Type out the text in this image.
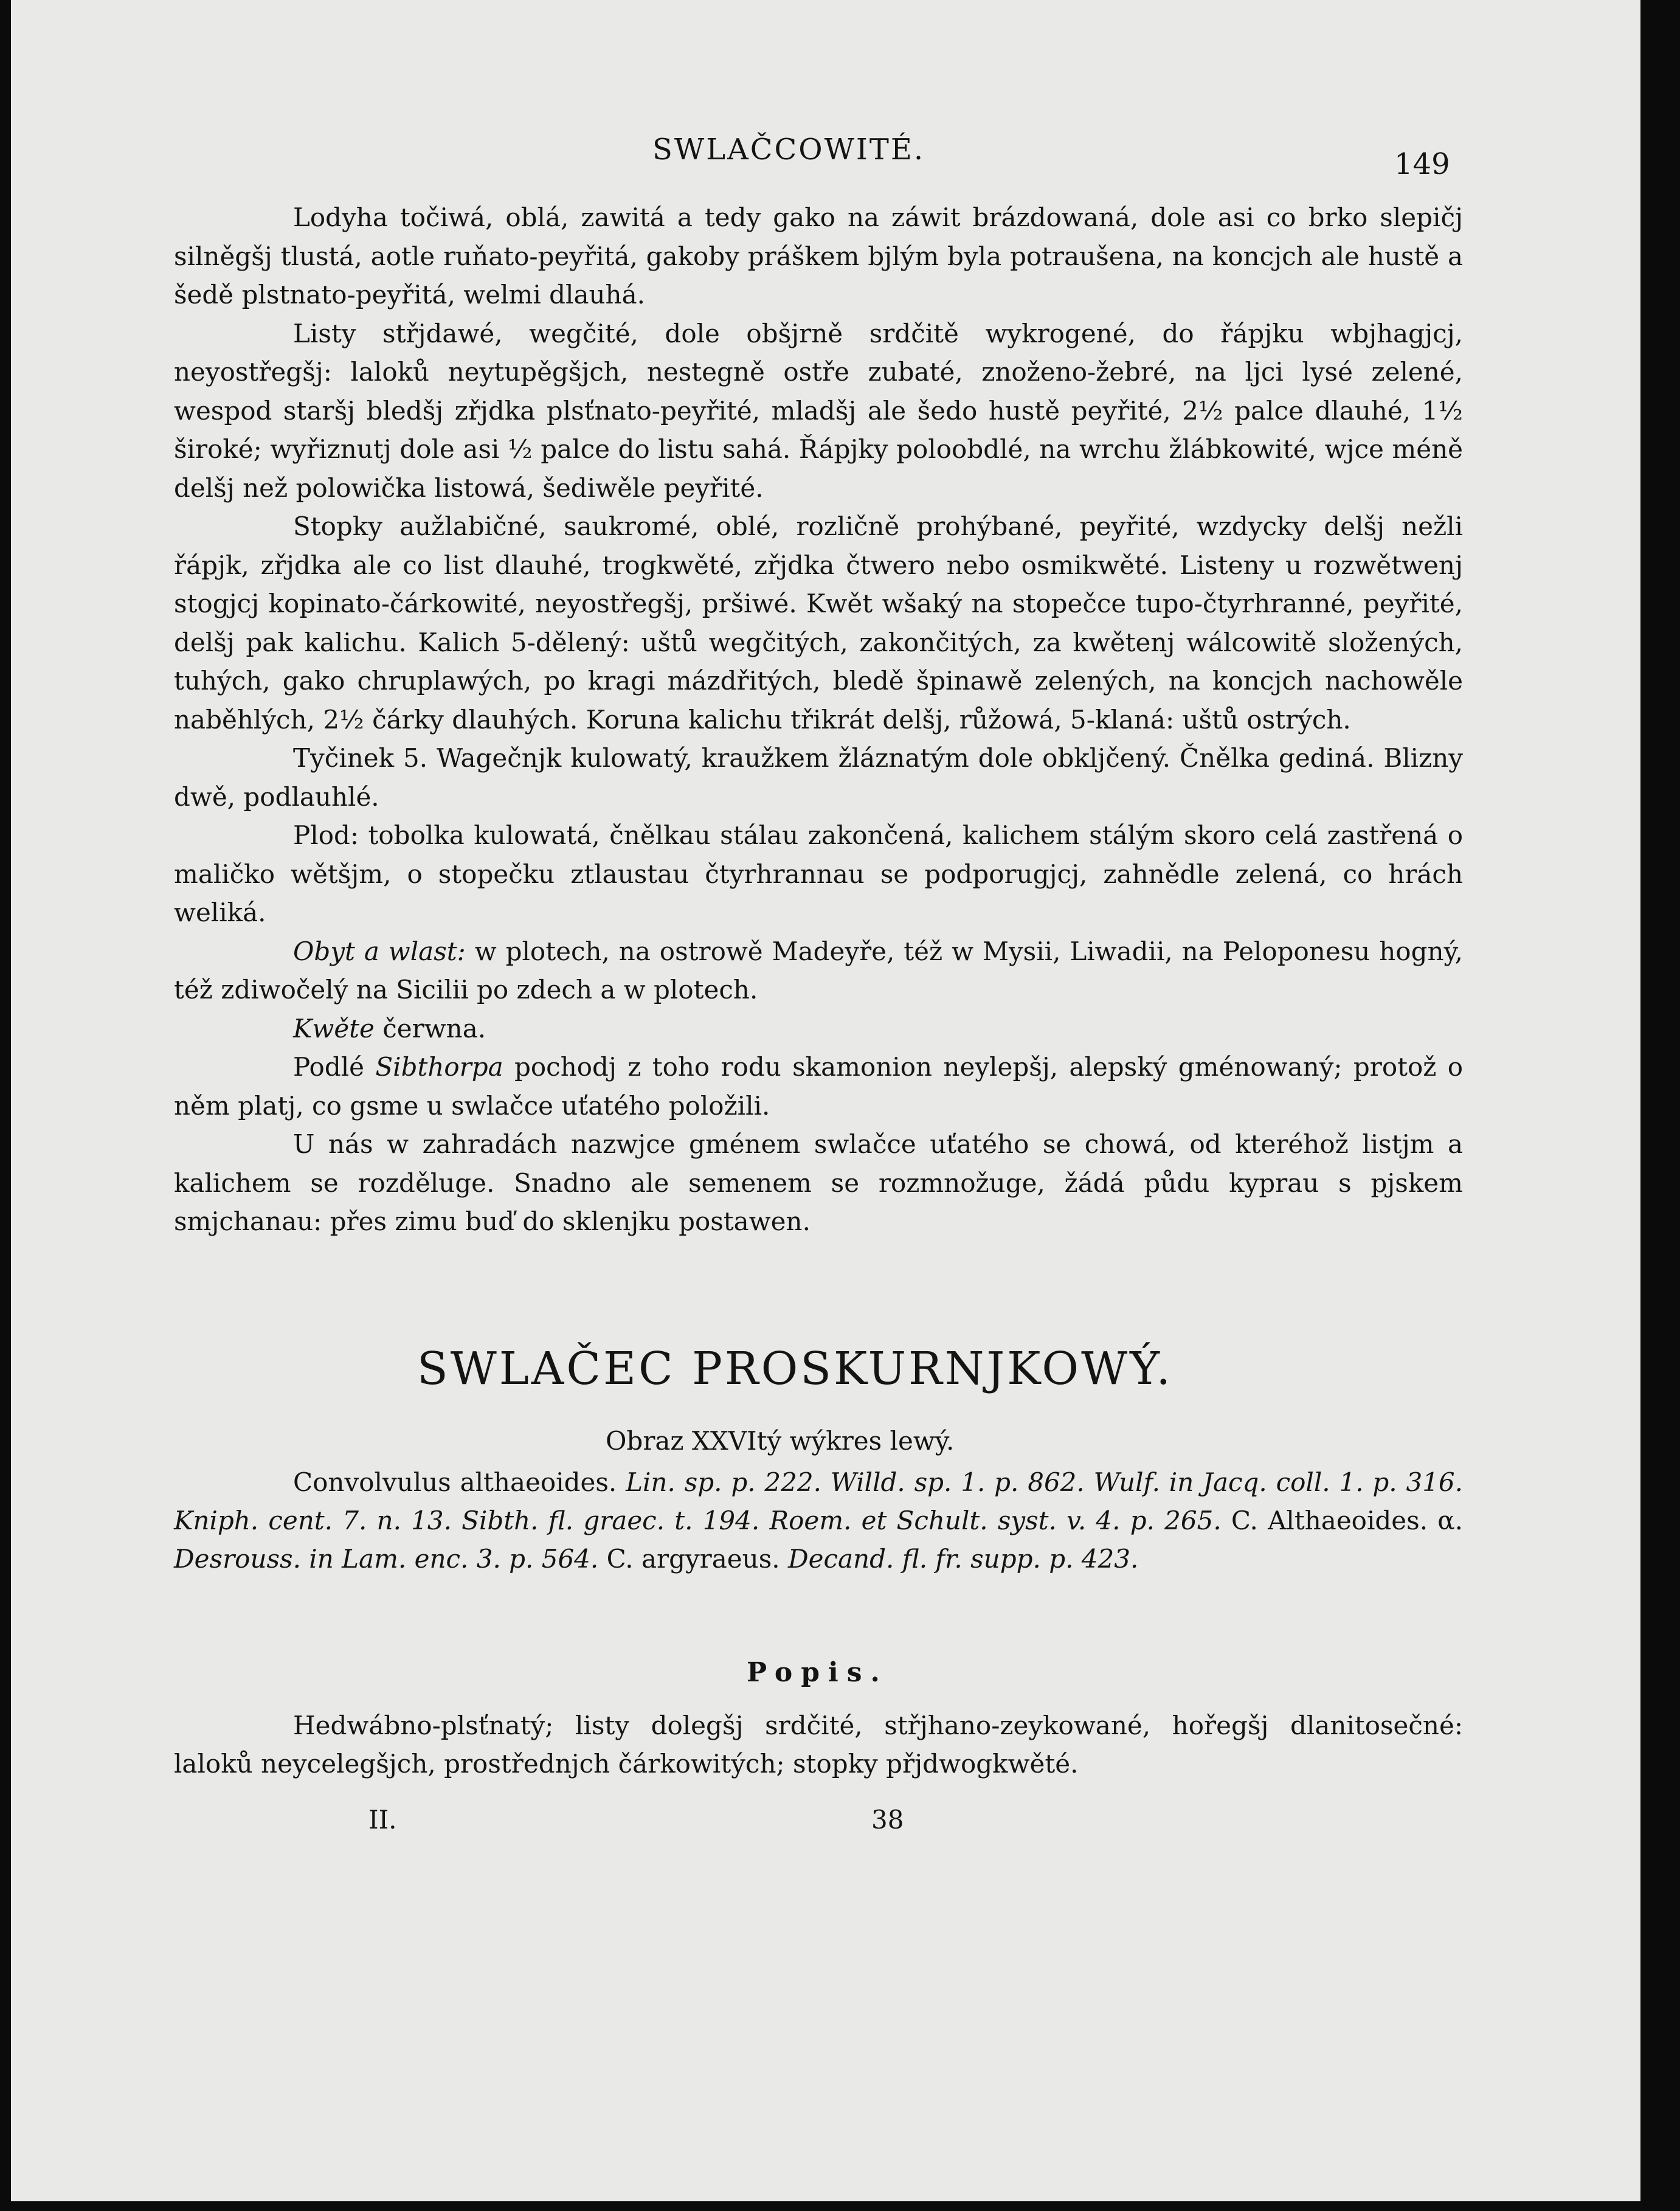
SWLAČCOWITÉ.	149

Lodyha točiwá, oblá, zawitá a tedy gako na záwit brázdowaná, dole asi co brko slepičj silněgšj tlustá, aotle ruňato-peyřitá, gakoby práškem bjlým byla potraušena, na koncjch ale hustě a šedě plstnato-peyřitá, welmi dlauhá.

Listy střjdawé, wegčité, dole obšjrně srdčitě wykrogené, do řápjku wbjhagjcj, neyostřegšj: laloků neytupěgšjch, nestegně ostře zubaté, znoženo-žebré, na ljci lysé zelené, wespod staršj bledšj zřjdka plsťnato-peyřité, mladšj ale šedo hustě peyřité, 2½ palce dlauhé, 1½ široké; wyřiznutj dole asi ½ palce do listu sahá. Řápjky poloobdlé, na wrchu žlábkowité, wjce méně delšj než polowička listowá, šediwěle peyřité.

Stopky aužlabičné, saukromé, oblé, rozličně prohýbané, peyřité, wzdycky delšj nežli řápjk, zřjdka ale co list dlauhé, trogkwěté, zřjdka čtwero nebo osmikwěté. Listeny u rozwětwenj stogjcj kopinato-čárkowité, neyostřegšj, pršiwé. Kwět wšaký na stopečce tupo-čtyrhranné, peyřité, delšj pak kalichu. Kalich 5-dělený: uštů wegčitých, zakončitých, za kwětenj wálcowitě složených, tuhých, gako chruplawých, po kragi mázdřitých, bledě špinawě zelených, na koncjch nachowěle naběhlých, 2½ čárky dlauhých. Koruna kalichu třikrát delšj, růžowá, 5-klaná: uštů ostrých.

Tyčinek 5. Wagečnjk kulowatý, kraužkem žláznatým dole obkljčený. Čnělka gediná. Blizny dwě, podlauhlé.

Plod: tobolka kulowatá, čnělkau stálau zakončená, kalichem stálým skoro celá zastřená o maličko wětšjm, o stopečku ztlaustau čtyrhrannau se podporugjcj, zahnědle zelená, co hrách weliká.

Obyt a wlast: w plotech, na ostrowě Madeyře, též w Mysii, Liwadii, na Peloponesu hogný, též zdiwočelý na Sicilii po zdech a w plotech.

Kwěte čerwna.

Podlé Sibthorpa pochodj z toho rodu skamonion neylepšj, alepský gménowaný; protož o něm platj, co gsme u swlačce uťatého položili.

U nás w zahradách nazwjce gménem swlačce uťatého se chowá, od kteréhož listjm a kalichem se rozděluge. Snadno ale semenem se rozmnožuge, žádá půdu kyprau s pjskem smjchanau: přes zimu buď do sklenjku postawen.

SWLAČEC PROSKURNJKOWÝ.
Obraz XXVItý wýkres lewý.

Convolvulus althaeoides. Lin. sp. p. 222. Willd. sp. 1. p. 862. Wulf. in Jacq. coll. 1. p. 316. Kniph. cent. 7. n. 13. Sibth. fl. graec. t. 194. Roem. et Schult. syst. v. 4. p. 265. C. Althaeoides. α. Desrouss. in Lam. enc. 3. p. 564. C. argyraeus. Decand. fl. fr. supp. p. 423.

Popis.

Hedwábno-plsťnatý; listy dolegšj srdčité, střjhano-zeykowané, hořegšj dlanitosečné: laloků neycelegšjch, prostřednjch čárkowitých; stopky přjdwogkwěté.

II.	38
